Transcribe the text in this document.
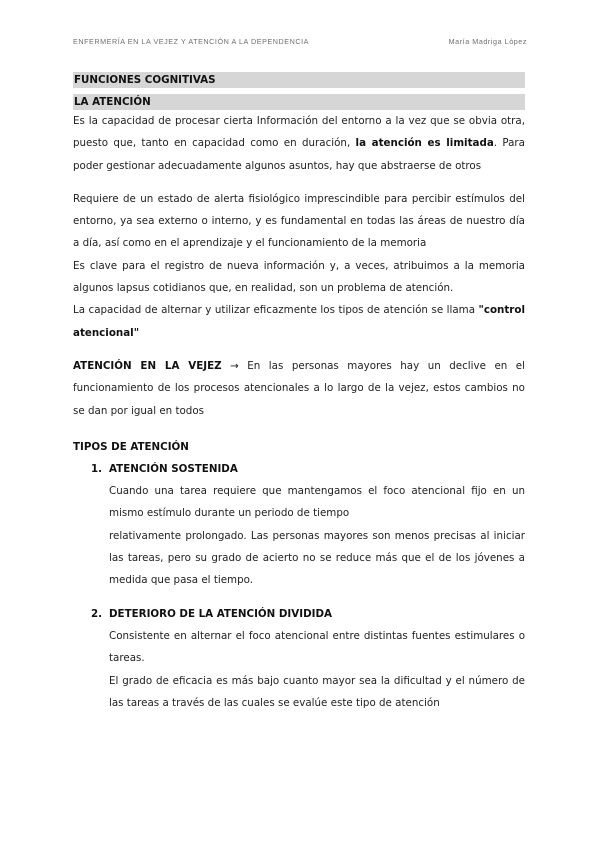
ENFERMERÍA EN LA VEJEZ Y ATENCIÓN A LA DEPENDENCIA	María Madriga López
FUNCIONES COGNITIVAS
LA ATENCIÓN

Es la capacidad de procesar cierta Información del entorno a la vez que se obvia otra, puesto que, tanto en capacidad como en duración, la atención es limitada. Para poder gestionar adecuadamente algunos asuntos, hay que abstraerse de otros

Requiere de un estado de alerta fisiológico imprescindible para percibir estímulos del entorno, ya sea externo o interno, y es fundamental en todas las áreas de nuestro día a día, así como en el aprendizaje y el funcionamiento de la memoria

Es clave para el registro de nueva información y, a veces, atribuimos a la memoria algunos lapsus cotidianos que, en realidad, son un problema de atención.

La capacidad de alternar y utilizar eficazmente los tipos de atención se llama "control atencional"

ATENCIÓN EN LA VEJEZ → En las personas mayores hay un declive en el funcionamiento de los procesos atencionales a lo largo de la vejez, estos cambios no se dan por igual en todos

TIPOS DE ATENCIÓN
1. ATENCIÓN SOSTENIDA

Cuando una tarea requiere que mantengamos el foco atencional fijo en un mismo estímulo durante un periodo de tiempo

relativamente prolongado. Las personas mayores son menos precisas al iniciar las tareas, pero su grado de acierto no se reduce más que el de los jóvenes a medida que pasa el tiempo.

2. DETERIORO DE LA ATENCIÓN DIVIDIDA

Consistente en alternar el foco atencional entre distintas fuentes estimulares o tareas.

El grado de eficacia es más bajo cuanto mayor sea la dificultad y el número de las tareas a través de las cuales se evalúe este tipo de atención
